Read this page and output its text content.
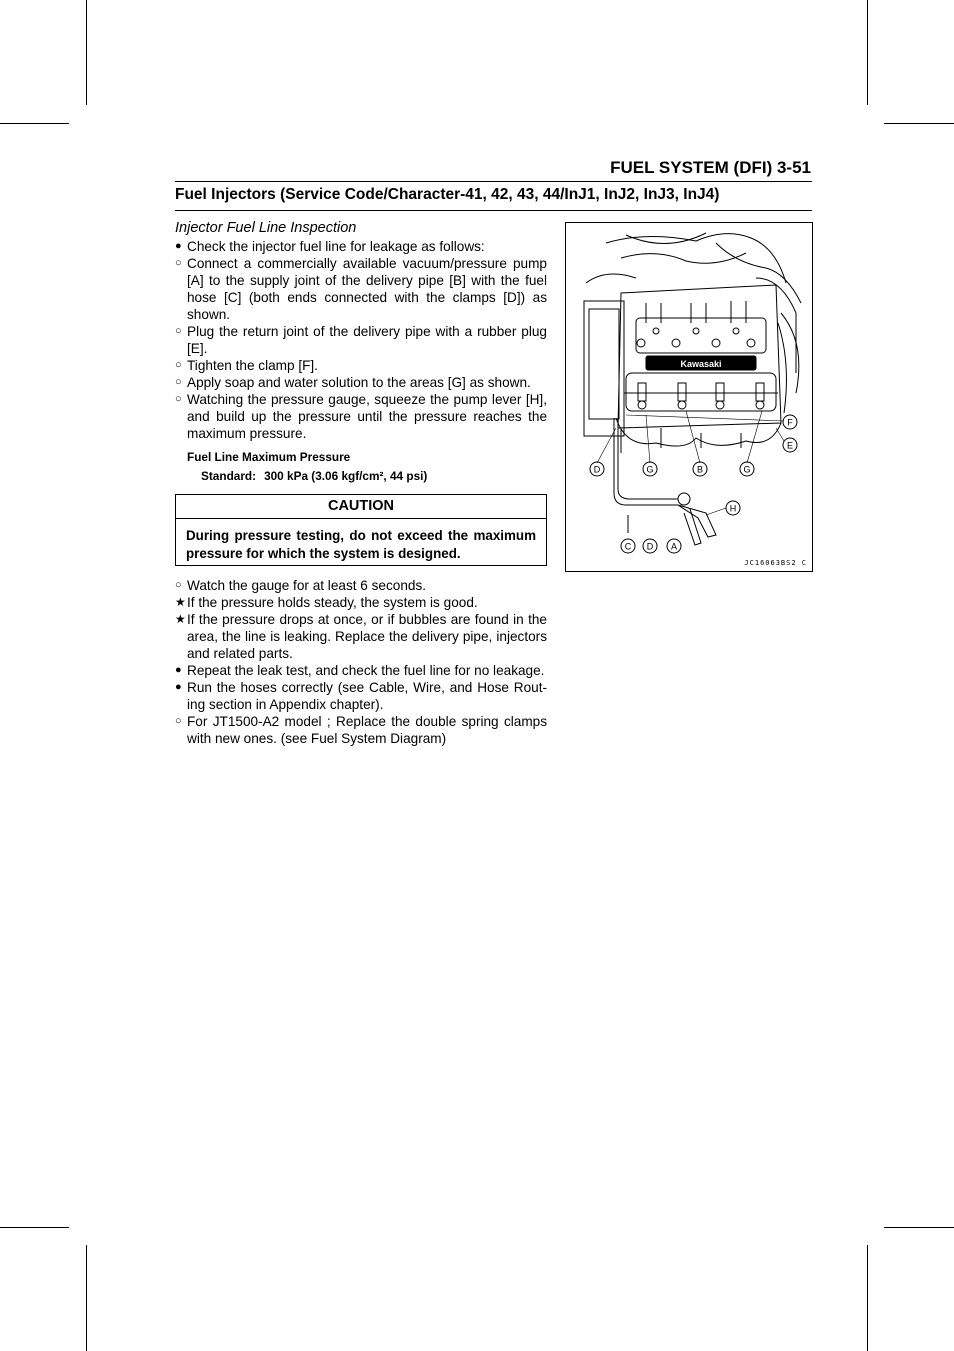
FUEL SYSTEM (DFI) 3-51
Fuel Injectors (Service Code/Character-41, 42, 43, 44/InJ1, InJ2, InJ3, InJ4)
Injector Fuel Line Inspection
● Check the injector fuel line for leakage as follows:
○ Connect a commercially available vacuum/pressure pump [A] to the supply joint of the delivery pipe [B] with the fuel hose [C] (both ends connected with the clamps [D]) as shown.
○ Plug the return joint of the delivery pipe with a rubber plug [E].
○ Tighten the clamp [F].
○ Apply soap and water solution to the areas [G] as shown.
○ Watching the pressure gauge, squeeze the pump lever [H], and build up the pressure until the pressure reaches the maximum pressure.
Fuel Line Maximum Pressure
Standard: 300 kPa (3.06 kgf/cm², 44 psi)
CAUTION
During pressure testing, do not exceed the maximum pressure for which the system is designed.
○ Watch the gauge for at least 6 seconds.
★ If the pressure holds steady, the system is good.
★ If the pressure drops at once, or if bubbles are found in the area, the line is leaking. Replace the delivery pipe, injectors and related parts.
● Repeat the leak test, and check the fuel line for no leakage.
● Run the hoses correctly (see Cable, Wire, and Hose Routing section in Appendix chapter).
○ For JT1500-A2 model ; Replace the double spring clamps with new ones. (see Fuel System Diagram)
F
E
D	G	B	G
H
C D A
Kawasaki
JC16063BS2 C
